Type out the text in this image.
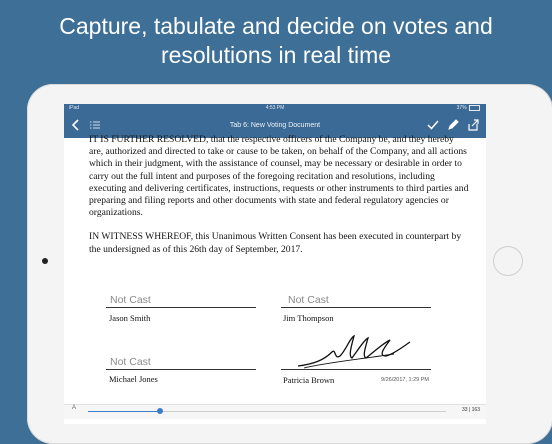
Capture, tabulate and decide on votes and
resolutions in real time
iPad	4:53 PM	37%
Tab 6: New Voting Document

IT IS FURTHER RESOLVED, that the respective officers of the Company be, and they hereby are, authorized and directed to take or cause to be taken, on behalf of the Company, and all actions which in their judgment, with the assistance of counsel, may be necessary or desirable in order to carry out the full intent and purposes of the foregoing recitation and resolutions, including executing and delivering certificates, instructions, requests or other instruments to third parties and preparing and filing reports and other documents with state and federal regulatory agencies or organizations.

IN WITNESS WHEREOF, this Unanimous Written Consent has been executed in counterpart by the undersigned as of this 26th day of September, 2017.

Not Cast
Jason Smith
Not Cast
Jim Thompson
Not Cast
Michael Jones	Patricia Brown	9/26/2017, 1:29 PM
A	33 | 163
